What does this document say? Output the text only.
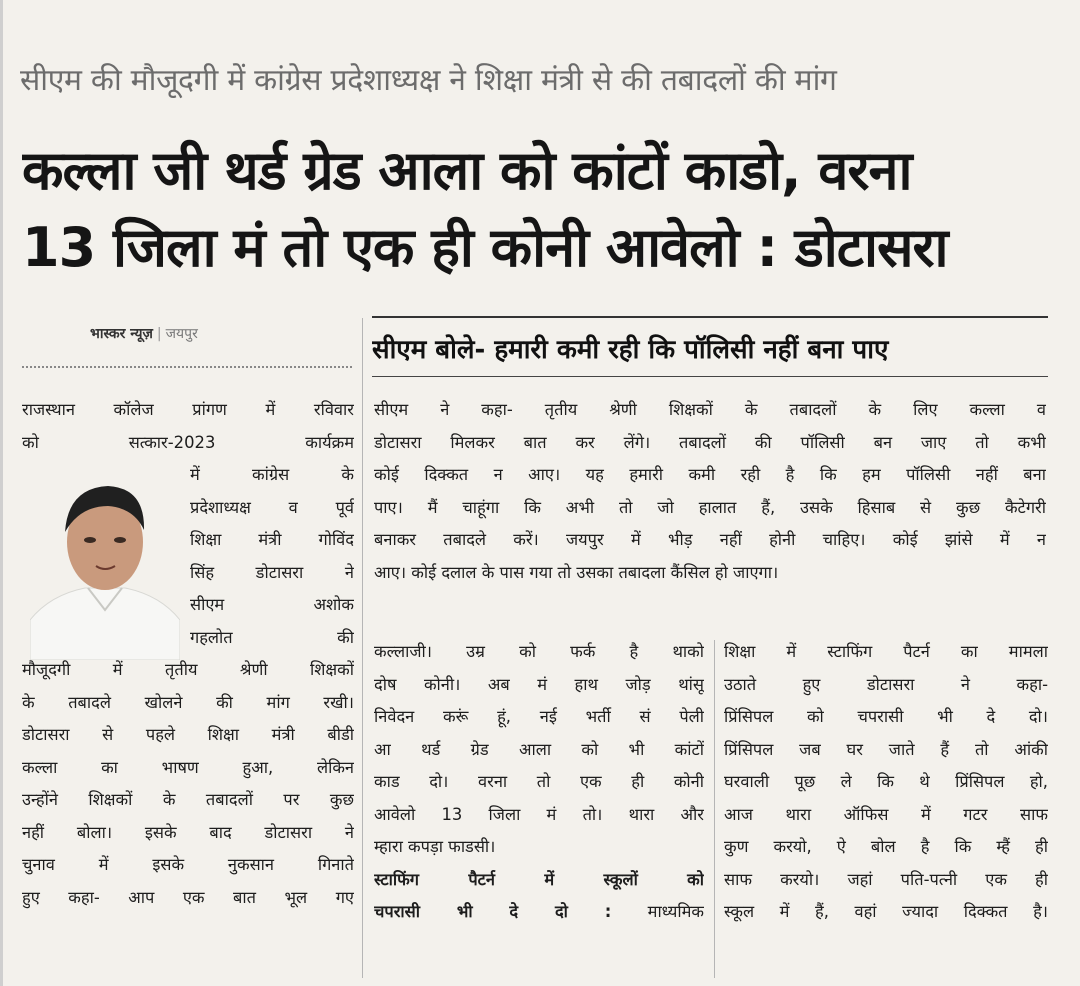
सीएम की मौजूदगी में कांग्रेस प्रदेशाध्यक्ष ने शिक्षा मंत्री से की तबादलों की मांग
कल्ला जी थर्ड ग्रेड आला को कांटों काडो, वरना
13 जिला मं तो एक ही कोनी आवेलो : डोटासरा
भास्कर न्यूज़ | जयपुर
सीएम बोले- हमारी कमी रही कि पॉलिसी नहीं बना पाए
राजस्थान कॉलेज प्रांगण में रविवार
को सत्कार-2023 कार्यक्रम
में कांग्रेस के
प्रदेशाध्यक्ष व पूर्व
शिक्षा मंत्री गोविंद
सिंह डोटासरा ने
सीएम अशोक
गहलोत की
मौजूदगी में तृतीय श्रेणी शिक्षकों
के तबादले खोलने की मांग रखी।
डोटासरा से पहले शिक्षा मंत्री बीडी
कल्ला का भाषण हुआ, लेकिन
उन्होंने शिक्षकों के तबादलों पर कुछ
नहीं बोला। इसके बाद डोटासरा ने
चुनाव में इसके नुकसान गिनाते
हुए कहा- आप एक बात भूल गए
सीएम ने कहा- तृतीय श्रेणी शिक्षकों के तबादलों के लिए कल्ला व
डोटासरा मिलकर बात कर लेंगे। तबादलों की पॉलिसी बन जाए तो कभी
कोई दिक्कत न आए। यह हमारी कमी रही है कि हम पॉलिसी नहीं बना
पाए। मैं चाहूंगा कि अभी तो जो हालात हैं, उसके हिसाब से कुछ कैटेगरी
बनाकर तबादले करें। जयपुर में भीड़ नहीं होनी चाहिए। कोई झांसे में न
आए। कोई दलाल के पास गया तो उसका तबादला कैंसिल हो जाएगा।
कल्लाजी। उम्र को फर्क है थाको
दोष कोनी। अब मं हाथ जोड़ थांसू
निवेदन करूं हूं, नई भर्ती सं पेली
आ थर्ड ग्रेड आला को भी कांटों
काड दो। वरना तो एक ही कोनी
आवेलो 13 जिला मं तो। थारा और
म्हारा कपड़ा फाडसी।
स्टाफिंग पैटर्न में स्कूलों को
चपरासी भी दे दो : माध्यमिक
शिक्षा में स्टाफिंग पैटर्न का मामला
उठाते हुए डोटासरा ने कहा-
प्रिंसिपल को चपरासी भी दे दो।
प्रिंसिपल जब घर जाते हैं तो आंकी
घरवाली पूछ ले कि थे प्रिंसिपल हो,
आज थारा ऑफिस में गटर साफ
कुण करयो, ऐ बोल है कि म्हैं ही
साफ करयो। जहां पति-पत्नी एक ही
स्कूल में हैं, वहां ज्यादा दिक्कत है।
